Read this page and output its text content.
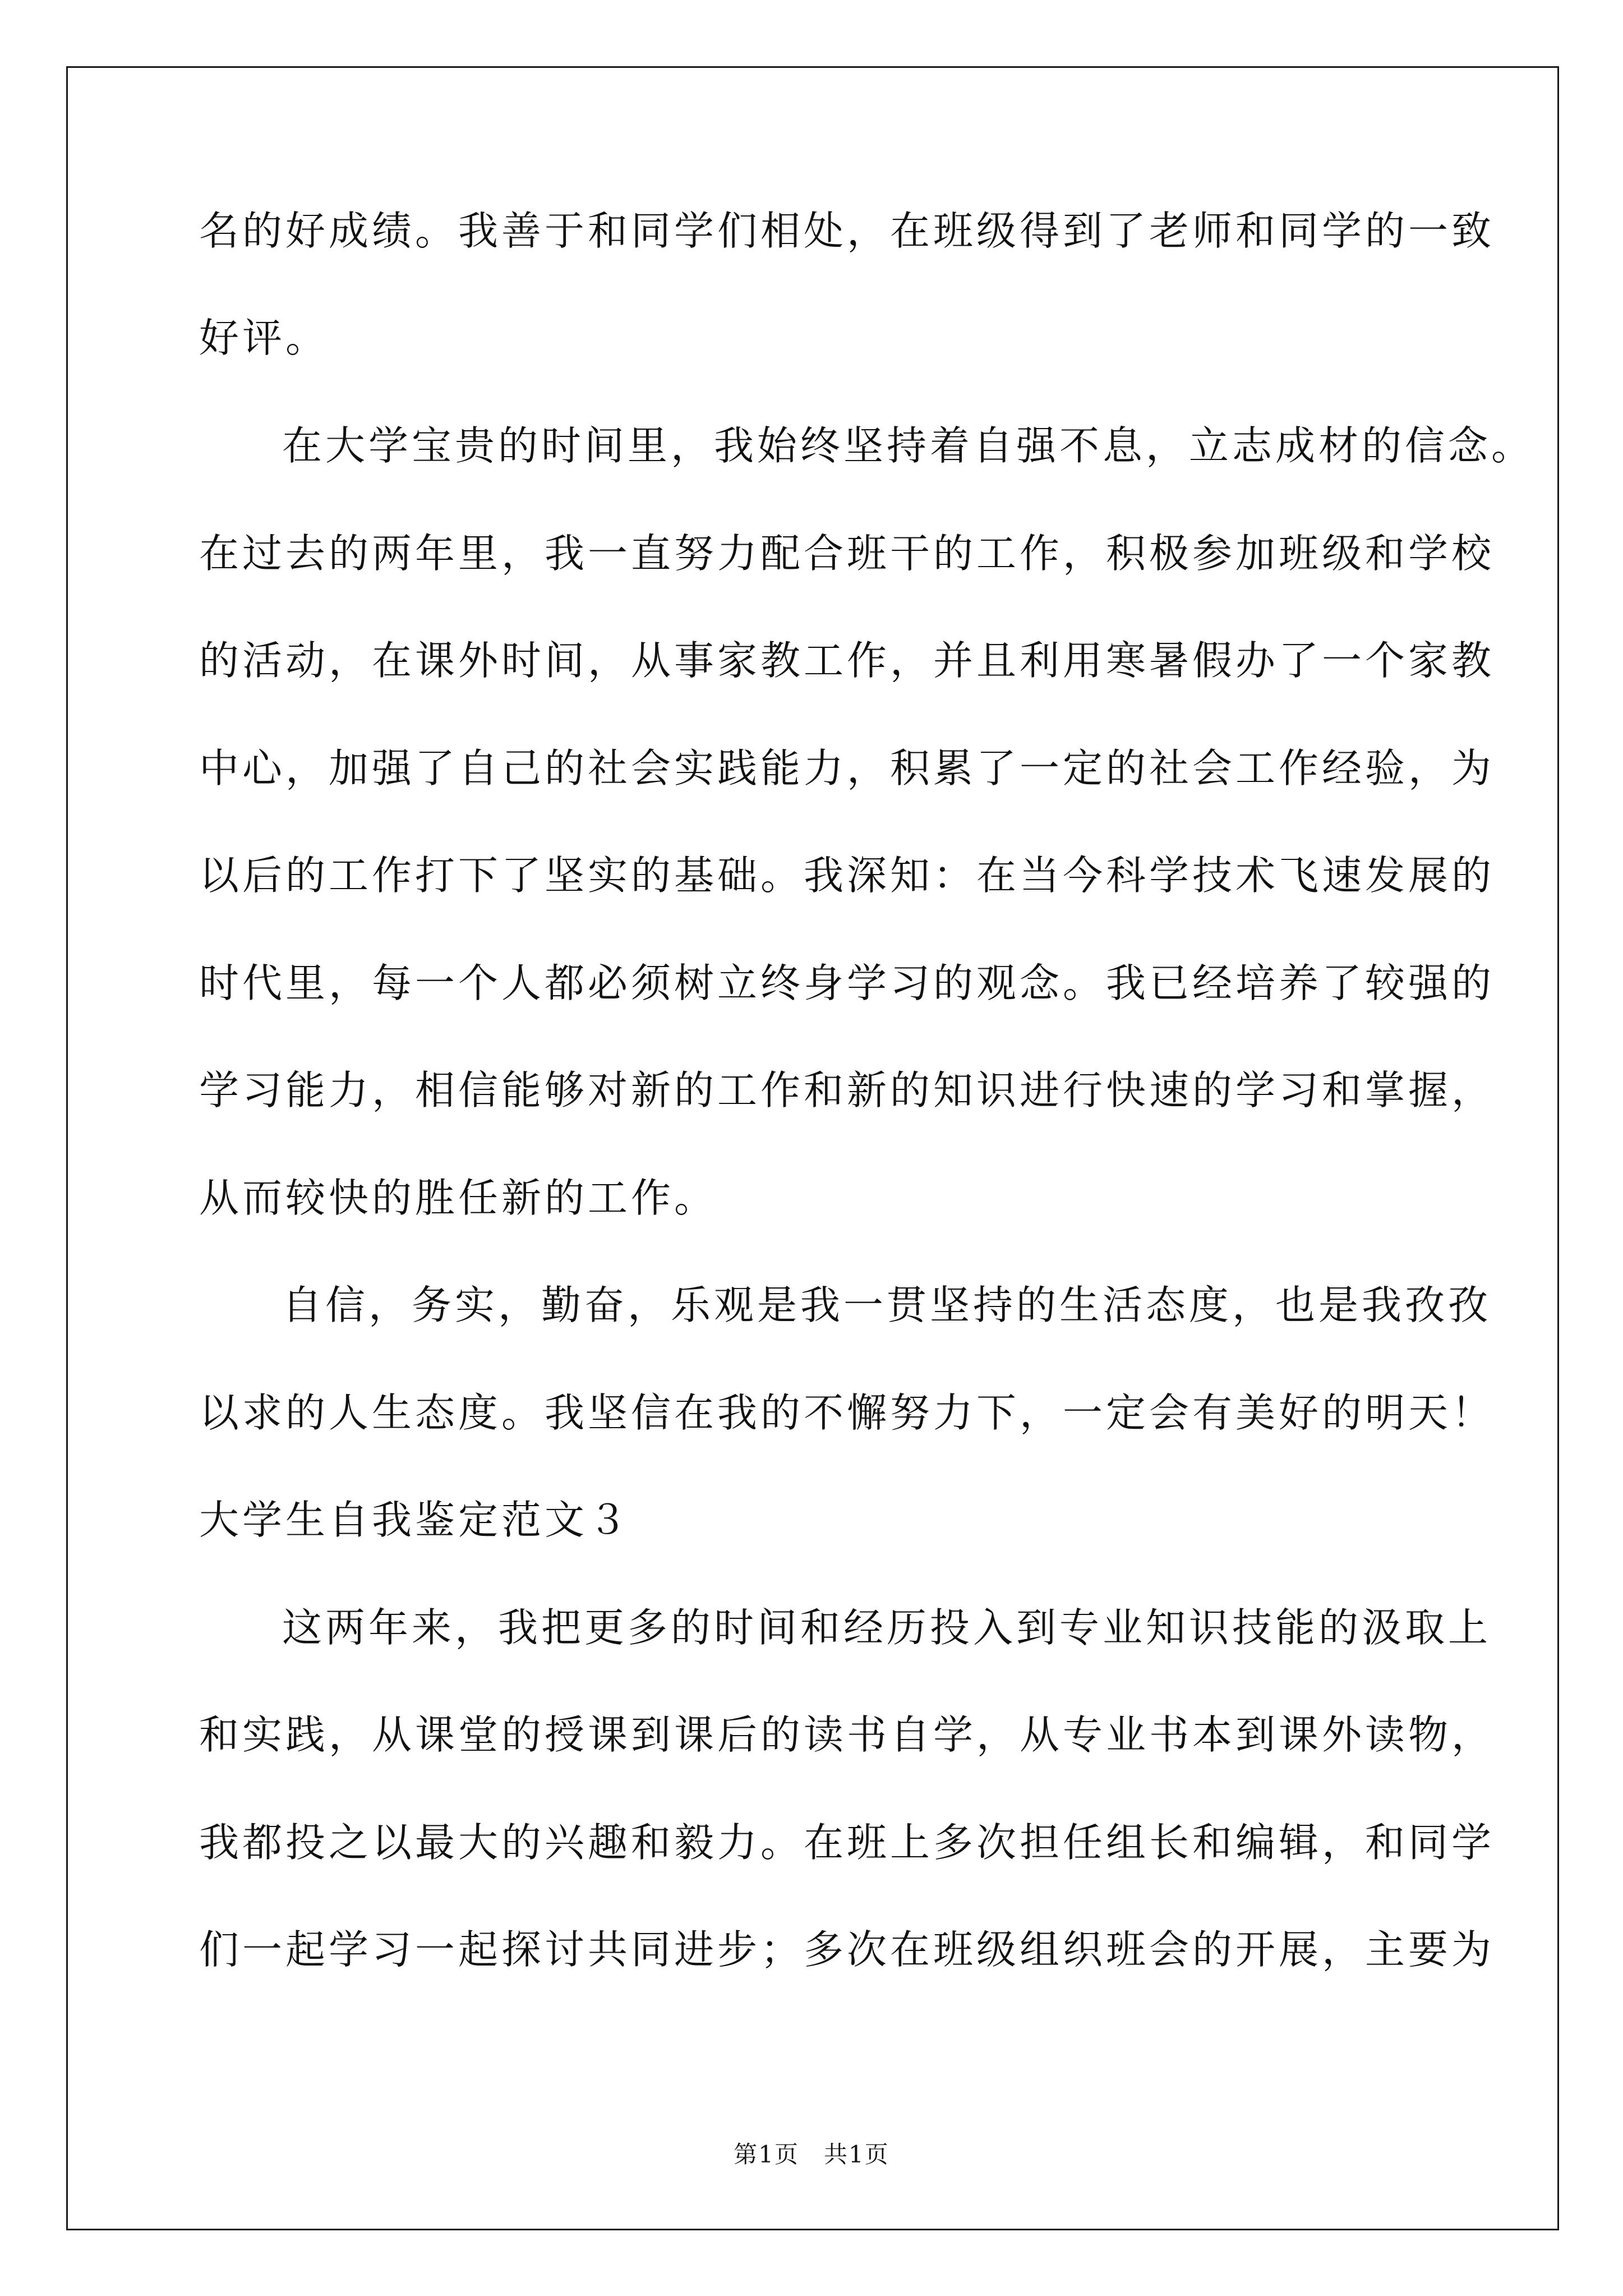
名的好成绩。我善于和同学们相处，在班级得到了老师和同学的一致
好评。
在大学宝贵的时间里，我始终坚持着自强不息，立志成材的信念。
在过去的两年里，我一直努力配合班干的工作，积极参加班级和学校
的活动，在课外时间，从事家教工作，并且利用寒暑假办了一个家教
中心，加强了自己的社会实践能力，积累了一定的社会工作经验，为
以后的工作打下了坚实的基础。我深知：在当今科学技术飞速发展的
时代里，每一个人都必须树立终身学习的观念。我已经培养了较强的
学习能力，相信能够对新的工作和新的知识进行快速的学习和掌握，
从而较快的胜任新的工作。
自信，务实，勤奋，乐观是我一贯坚持的生活态度，也是我孜孜
以求的人生态度。我坚信在我的不懈努力下，一定会有美好的明天！
大学生自我鉴定范文３
这两年来，我把更多的时间和经历投入到专业知识技能的汲取上
和实践，从课堂的授课到课后的读书自学，从专业书本到课外读物，
我都投之以最大的兴趣和毅力。在班上多次担任组长和编辑，和同学
们一起学习一起探讨共同进步；多次在班级组织班会的开展，主要为
第1页　共1页
